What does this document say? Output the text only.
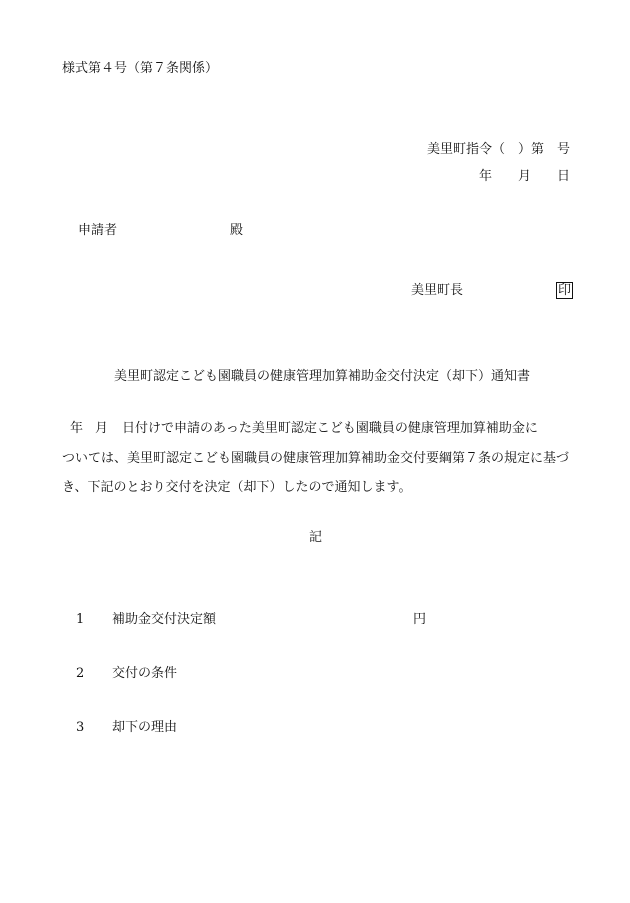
様式第４号（第７条関係）
美里町指令（　）第　号
年 月 日
申請者	殿
美里町長	印
美里町認定こども園職員の健康管理加算補助金交付決定（却下）通知書
年 月 日付けで申請のあった美里町認定こども園職員の健康管理加算補助金に
ついては、美里町認定こども園職員の健康管理加算補助金交付要綱第７条の規定に基づ
き、下記のとおり交付を決定（却下）したので通知します。
記
1 補助金交付決定額	円
2 交付の条件
3 却下の理由
